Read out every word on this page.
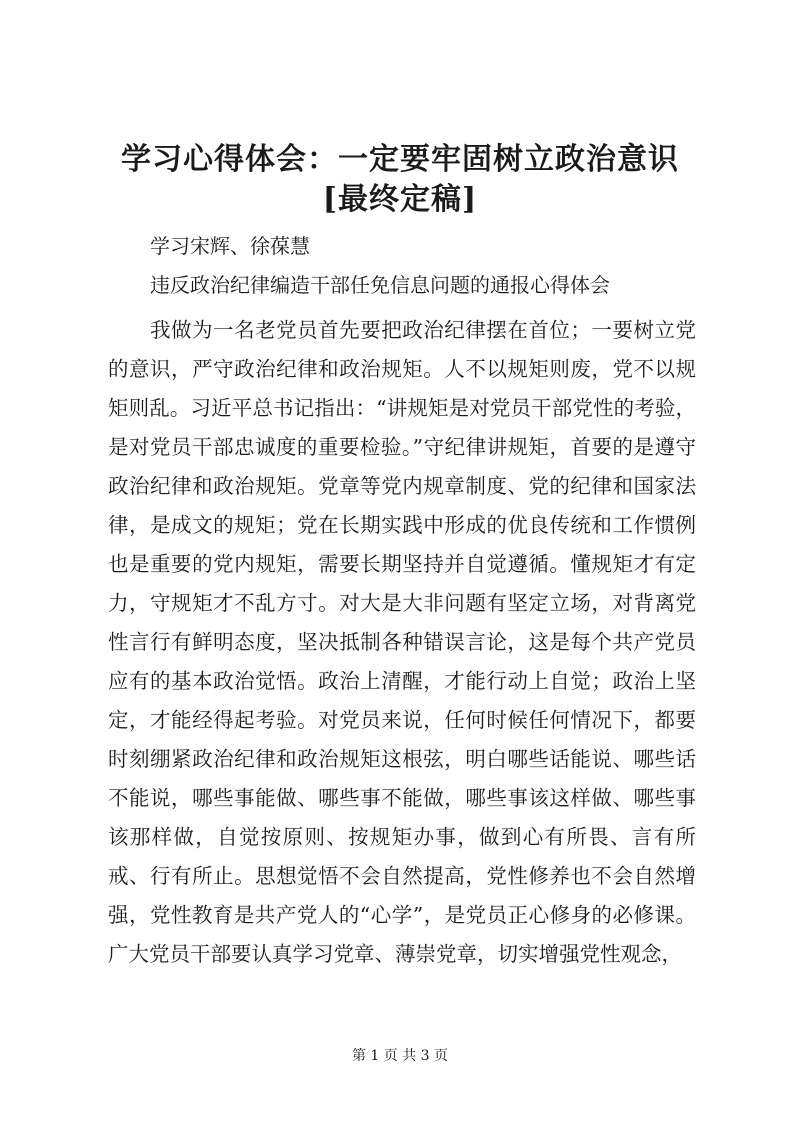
学习心得体会：一定要牢固树立政治意识[最终定稿]
学习宋辉、徐葆慧
违反政治纪律编造干部任免信息问题的通报心得体会

我做为一名老党员首先要把政治纪律摆在首位；一要树立党的意识，严守政治纪律和政治规矩。人不以规矩则废，党不以规矩则乱。习近平总书记指出：“讲规矩是对党员干部党性的考验，是对党员干部忠诚度的重要检验。”守纪律讲规矩，首要的是遵守政治纪律和政治规矩。党章等党内规章制度、党的纪律和国家法律，是成文的规矩；党在长期实践中形成的优良传统和工作惯例也是重要的党内规矩，需要长期坚持并自觉遵循。懂规矩才有定力，守规矩才不乱方寸。对大是大非问题有坚定立场，对背离党性言行有鲜明态度，坚决抵制各种错误言论，这是每个共产党员应有的基本政治觉悟。政治上清醒，才能行动上自觉；政治上坚定，才能经得起考验。对党员来说，任何时候任何情况下，都要时刻绷紧政治纪律和政治规矩这根弦，明白哪些话能说、哪些话不能说，哪些事能做、哪些事不能做，哪些事该这样做、哪些事该那样做，自觉按原则、按规矩办事，做到心有所畏、言有所戒、行有所止。思想觉悟不会自然提高，党性修养也不会自然增强，党性教育是共产党人的“心学”，是党员正心修身的必修课。广大党员干部要认真学习党章、薄崇党章，切实增强党性观念，

第 1 页 共 3 页
